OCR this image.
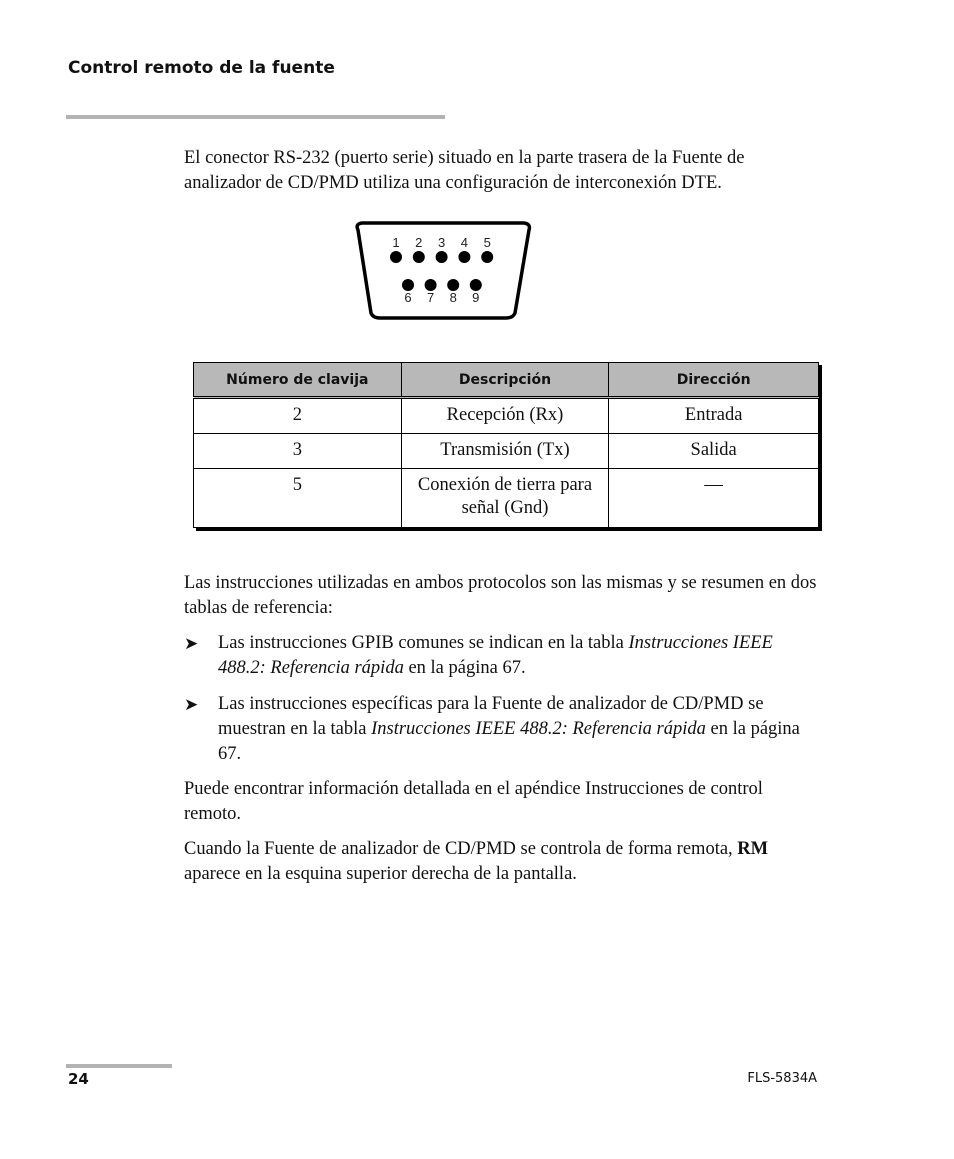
Control remoto de la fuente

El conector RS-232 (puerto serie) situado en la parte trasera de la Fuente de analizador de CD/PMD utiliza una configuración de interconexión DTE.

1 2 3 4 5
6 7 8 9
Número de clavija	Descripción	Dirección
2	Recepción (Rx)	Entrada
3	Transmisión (Tx)	Salida
5	Conexión de tierra para señal (Gnd)	—

Las instrucciones utilizadas en ambos protocolos son las mismas y se resumen en dos tablas de referencia:

➤ Las instrucciones GPIB comunes se indican en la tabla Instrucciones IEEE 488.2: Referencia rápida en la página 67.
➤ Las instrucciones específicas para la Fuente de analizador de CD/PMD se muestran en la tabla Instrucciones IEEE 488.2: Referencia rápida en la página 67.

Puede encontrar información detallada en el apéndice Instrucciones de control remoto.

Cuando la Fuente de analizador de CD/PMD se controla de forma remota, RM aparece en la esquina superior derecha de la pantalla.

24	FLS-5834A
